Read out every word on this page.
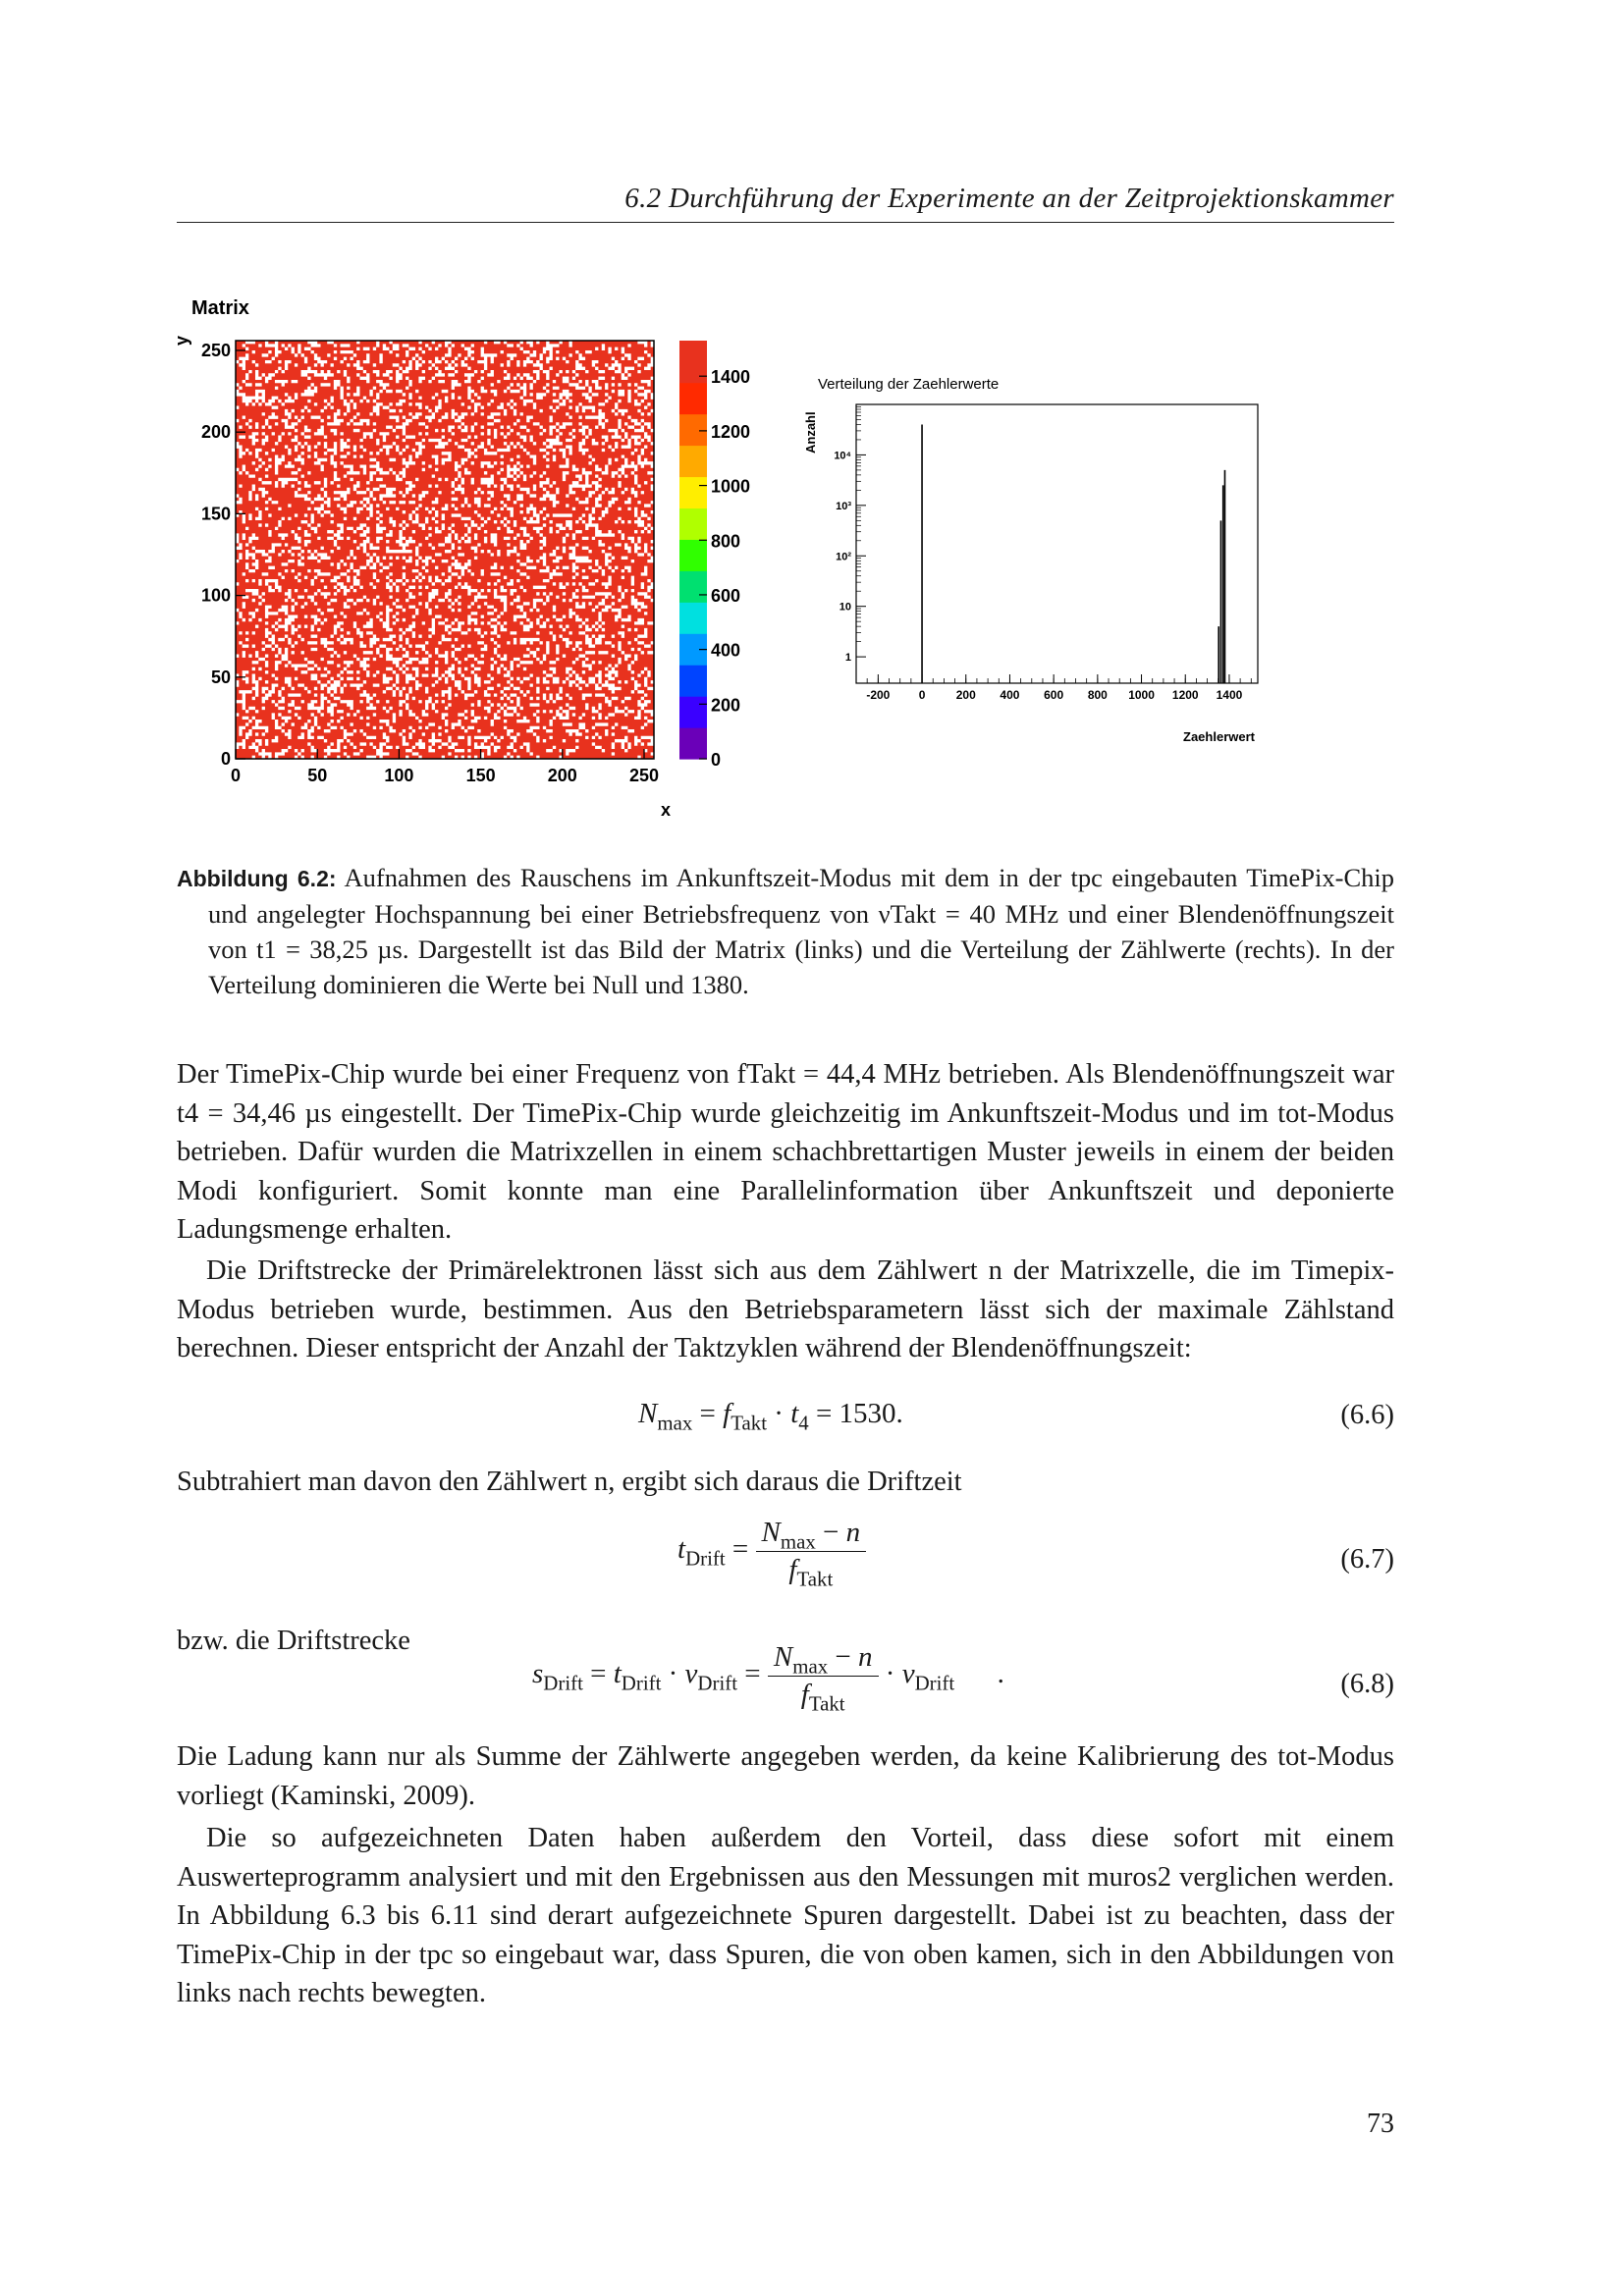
6.2 Durchführung der Experimente an der Zeitprojektionskammer
Matrix
y
0	50	100	150	200	250
0
50
100
150
200
250
0
200
400
600
800
1000
1200
1400
x
Verteilung der Zaehlerwerte
Anzahl
-200 0	200 400 600 800 1000 1200 1400
1
10
10²
10³
10⁴
Zaehlerwert
Abbildung 6.2: Aufnahmen des Rauschens im Ankunftszeit-Modus mit dem in der tpc eingebauten TimePix-Chip und angelegter Hochspannung bei einer Betriebsfrequenz von νTakt = 40 MHz und einer Blendenöffnungszeit von t1 = 38,25 µs. Dargestellt ist das Bild der Matrix (links) und die Verteilung der Zählwerte (rechts). In der Verteilung dominieren die Werte bei Null und 1380.

Der TimePix-Chip wurde bei einer Frequenz von fTakt = 44,4 MHz betrieben. Als Blendenöffnungszeit war t4 = 34,46 µs eingestellt. Der TimePix-Chip wurde gleichzeitig im Ankunftszeit-Modus und im tot-Modus betrieben. Dafür wurden die Matrixzellen in einem schachbrettartigen Muster jeweils in einem der beiden Modi konfiguriert. Somit konnte man eine Parallelinformation über Ankunftszeit und deponierte Ladungsmenge erhalten.

Die Driftstrecke der Primärelektronen lässt sich aus dem Zählwert n der Matrixzelle, die im Timepix-Modus betrieben wurde, bestimmen. Aus den Betriebsparametern lässt sich der maximale Zählstand berechnen. Dieser entspricht der Anzahl der Taktzyklen während der Blendenöffnungszeit:

$N_{max} = f_{Takt} \cdot t_4 = 1530$.	(6.6)

Subtrahiert man davon den Zählwert n, ergibt sich daraus die Driftzeit

$t_{Drift} = \frac{N_{max} - n}{f_{Takt}}$	(6.7)

bzw. die Driftstrecke

$s_{Drift} = t_{Drift} \cdot v_{Drift} = \frac{N_{max} - n}{f_{Takt}} \cdot v_{Drift}$      .	(6.8)

Die Ladung kann nur als Summe der Zählwerte angegeben werden, da keine Kalibrierung des tot-Modus vorliegt (Kaminski, 2009).

Die so aufgezeichneten Daten haben außerdem den Vorteil, dass diese sofort mit einem Auswerteprogramm analysiert und mit den Ergebnissen aus den Messungen mit muros2 verglichen werden. In Abbildung 6.3 bis 6.11 sind derart aufgezeichnete Spuren dargestellt. Dabei ist zu beachten, dass der TimePix-Chip in der tpc so eingebaut war, dass Spuren, die von oben kamen, sich in den Abbildungen von links nach rechts bewegten.

73
